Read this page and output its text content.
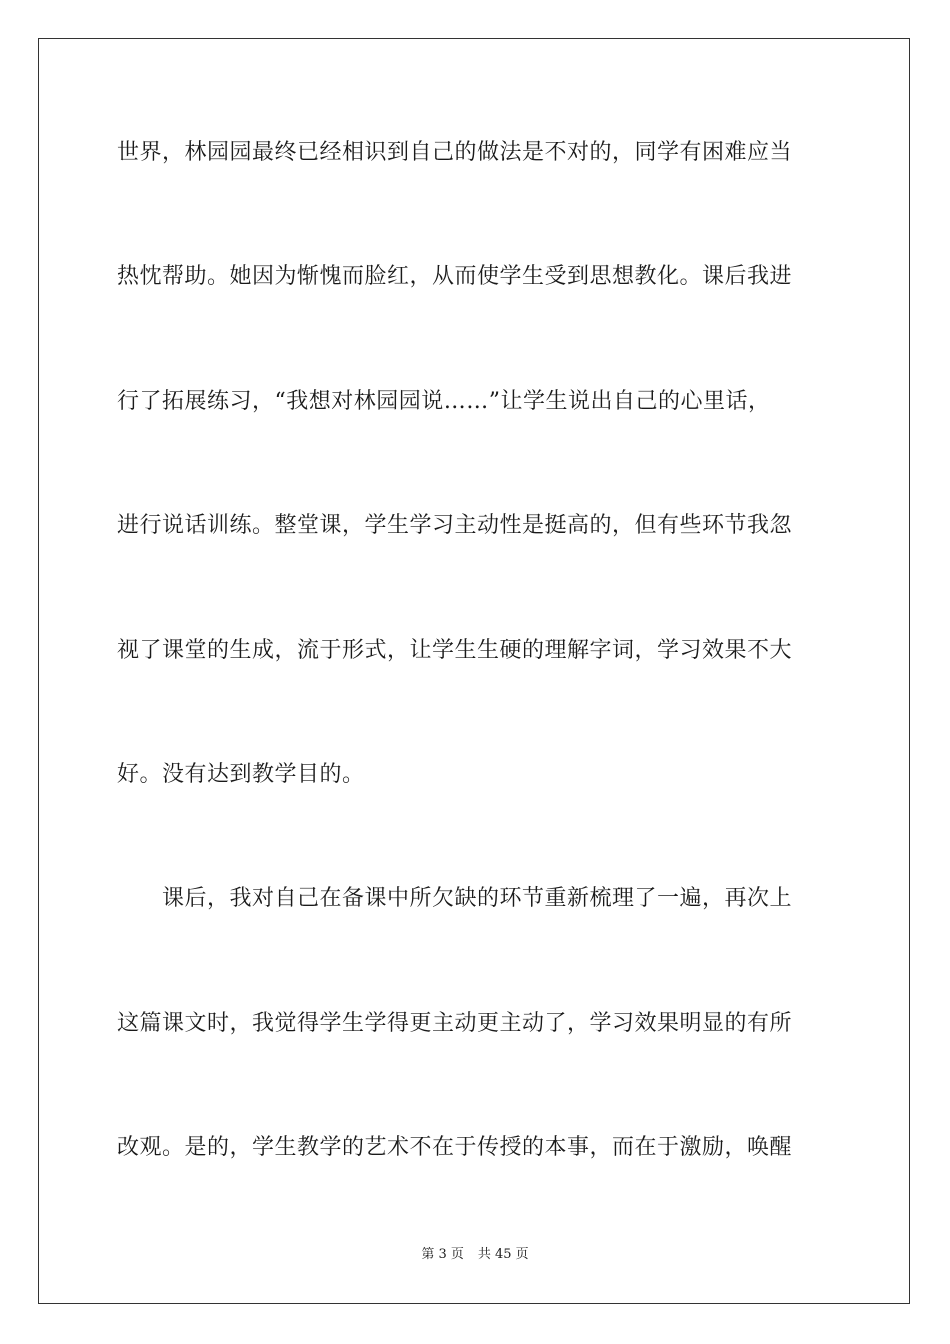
世界，林园园最终已经相识到自己的做法是不对的，同学有困难应当
热忱帮助。她因为惭愧而脸红，从而使学生受到思想教化。课后我进
行了拓展练习，“我想对林园园说……”让学生说出自己的心里话，
进行说话训练。整堂课，学生学习主动性是挺高的，但有些环节我忽
视了课堂的生成，流于形式，让学生生硬的理解字词，学习效果不大
好。没有达到教学目的。
　　课后，我对自己在备课中所欠缺的环节重新梳理了一遍，再次上
这篇课文时，我觉得学生学得更主动更主动了，学习效果明显的有所
改观。是的，学生教学的艺术不在于传授的本事，而在于激励，唤醒
第 3 页 共 45 页
